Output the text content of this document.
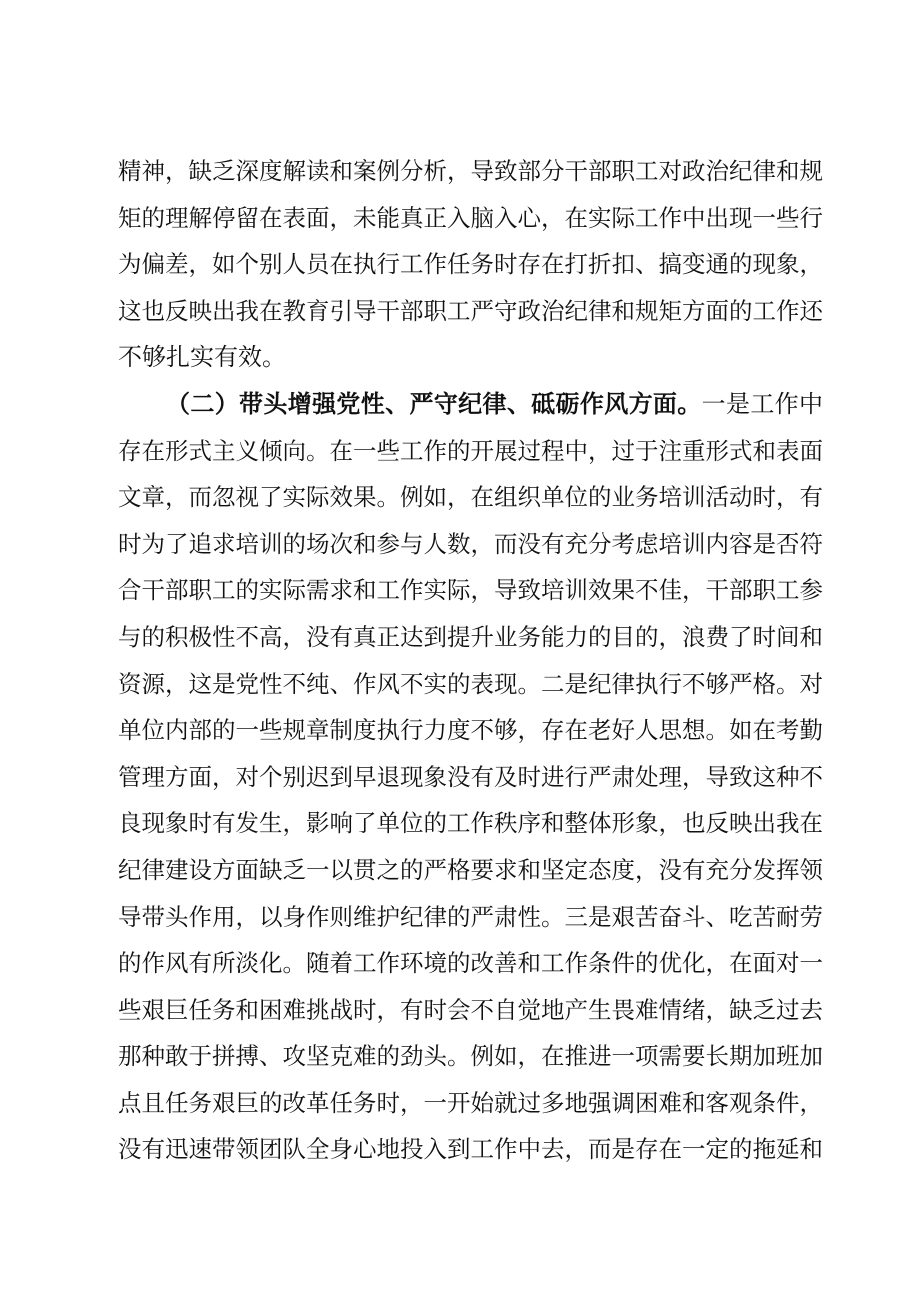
精神，缺乏深度解读和案例分析，导致部分干部职工对政治纪律和规
矩的理解停留在表面，未能真正入脑入心，在实际工作中出现一些行
为偏差，如个别人员在执行工作任务时存在打折扣、搞变通的现象，
这也反映出我在教育引导干部职工严守政治纪律和规矩方面的工作还
不够扎实有效。
（二）带头增强党性、严守纪律、砥砺作风方面。一是工作中
存在形式主义倾向。在一些工作的开展过程中，过于注重形式和表面
文章，而忽视了实际效果。例如，在组织单位的业务培训活动时，有
时为了追求培训的场次和参与人数，而没有充分考虑培训内容是否符
合干部职工的实际需求和工作实际，导致培训效果不佳，干部职工参
与的积极性不高，没有真正达到提升业务能力的目的，浪费了时间和
资源，这是党性不纯、作风不实的表现。二是纪律执行不够严格。对
单位内部的一些规章制度执行力度不够，存在老好人思想。如在考勤
管理方面，对个别迟到早退现象没有及时进行严肃处理，导致这种不
良现象时有发生，影响了单位的工作秩序和整体形象，也反映出我在
纪律建设方面缺乏一以贯之的严格要求和坚定态度，没有充分发挥领
导带头作用，以身作则维护纪律的严肃性。三是艰苦奋斗、吃苦耐劳
的作风有所淡化。随着工作环境的改善和工作条件的优化，在面对一
些艰巨任务和困难挑战时，有时会不自觉地产生畏难情绪，缺乏过去
那种敢于拼搏、攻坚克难的劲头。例如，在推进一项需要长期加班加
点且任务艰巨的改革任务时，一开始就过多地强调困难和客观条件，
没有迅速带领团队全身心地投入到工作中去，而是存在一定的拖延和
